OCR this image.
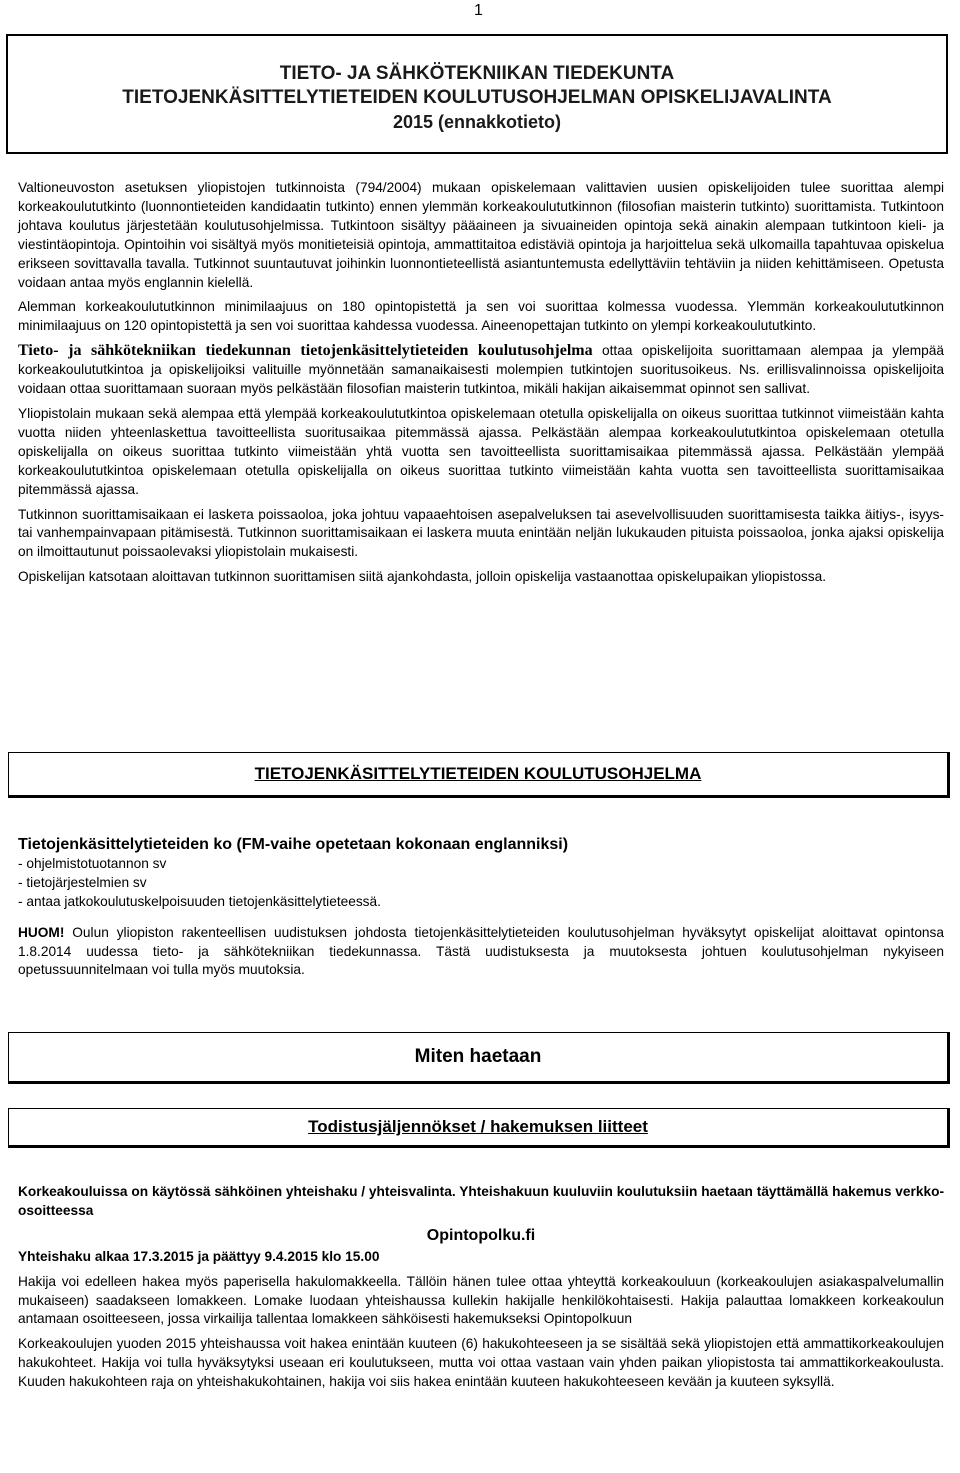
1
TIETO- JA SÄHKÖTEKNIIKAN TIEDEKUNTA
TIETOJENKÄSITTELYTIETEIDEN KOULUTUSOHJELMAN OPISKELIJAVALINTA
2015 (ennakkotieto)

Valtioneuvoston asetuksen yliopistojen tutkinnoista (794/2004) mukaan opiskelemaan valittavien uusien opiskelijoiden tulee suorittaa alempi korkeakoulututkinto (luonnontieteiden kandidaatin tutkinto) ennen ylemmän korkeakoulututkinnon (filosofian maisterin tutkinto) suorittamista. Tutkintoon johtava koulutus järjestetään koulutusohjelmissa. Tutkintoon sisältyy pääaineen ja sivuaineiden opintoja sekä ainakin alempaan tutkintoon kieli- ja viestintäopintoja. Opintoihin voi sisältyä myös monitieteisiä opintoja, ammattitaitoa edistäviä opintoja ja harjoittelua sekä ulkomailla tapahtuvaa opiskelua erikseen sovittavalla tavalla. Tutkinnot suuntautuvat joihinkin luonnontieteellistä asiantuntemusta edellyttäviin tehtäviin ja niiden kehittämiseen. Opetusta voidaan antaa myös englannin kielellä.

Alemman korkeakoulututkinnon minimilaajuus on 180 opintopistettä ja sen voi suorittaa kolmessa vuodessa. Ylemmän korkeakoulututkinnon minimilaajuus on 120 opintopistettä ja sen voi suorittaa kahdessa vuodessa. Aineenopettajan tutkinto on ylempi korkeakoulututkinto.

Tieto- ja sähkötekniikan tiedekunnan tietojenkäsittelytieteiden koulutusohjelma ottaa opiskelijoita suorittamaan alempaa ja ylempää korkeakoulututkintoa ja opiskelijoiksi valituille myönnetään samanaikaisesti molempien tutkintojen suoritusoikeus. Ns. erillisvalinnoissa opiskelijoita voidaan ottaa suorittamaan suoraan myös pelkästään filosofian maisterin tutkintoa, mikäli hakijan aikaisemmat opinnot sen sallivat.

Yliopistolain mukaan sekä alempaa että ylempää korkeakoulututkintoa opiskelemaan otetulla opiskelijalla on oikeus suorittaa tutkinnot viimeistään kahta vuotta niiden yhteenlaskettua tavoitteellista suoritusaikaa pitemmässä ajassa. Pelkästään alempaa korkeakoulututkintoa opiskelemaan otetulla opiskelijalla on oikeus suorittaa tutkinto viimeistään yhtä vuotta sen tavoitteellista suorittamisaikaa pitemmässä ajassa. Pelkästään ylempää korkeakoulututkintoa opiskelemaan otetulla opiskelijalla on oikeus suorittaa tutkinto viimeistään kahta vuotta sen tavoitteellista suorittamisaikaa pitemmässä ajassa.

Tutkinnon suorittamisaikaan ei laskета poissaoloa, joka johtuu vapaaehtoisen asepalveluksen tai asevelvollisuuden suorittamisesta taikka äitiys-, isyys- tai vanhempainvapaan pitämisestä. Tutkinnon suorittamisaikaan ei laskета muuta enintään neljän lukukauden pituista poissaoloa, jonka ajaksi opiskelija on ilmoittautunut poissaolevaksi yliopistolain mukaisesti.

Opiskelijan katsotaan aloittavan tutkinnon suorittamisen siitä ajankohdasta, jolloin opiskelija vastaanottaa opiskelupaikan yliopistossa.

TIETOJENKÄSITTELYTIETEIDEN KOULUTUSOHJELMA
Tietojenkäsittelytieteiden ko (FM-vaihe opetetaan kokonaan englanniksi)
- ohjelmistotuotannon sv
- tietojärjestelmien sv
- antaa jatkokoulutuskelpoisuuden tietojenkäsittelytieteessä.

HUOM! Oulun yliopiston rakenteellisen uudistuksen johdosta tietojenkäsittelytieteiden koulutusohjelman hyväksytyt opiskelijat aloittavat opintonsa 1.8.2014 uudessa tieto- ja sähkötekniikan tiedekunnassa. Tästä uudistuksesta ja muutoksesta johtuen koulutusohjelman nykyiseen opetussuunnitelmaan voi tulla myös muutoksia.

Miten haetaan
Todistusjäljennökset / hakemuksen liitteet

Korkeakouluissa on käytössä sähköinen yhteishaku / yhteisvalinta. Yhteishakuun kuuluviin koulutuksiin haetaan täyttämällä hakemus verkko-osoitteessa

Opintopolku.fi

Yhteishaku alkaa 17.3.2015 ja päättyy 9.4.2015 klo 15.00

Hakija voi edelleen hakea myös paperisella hakulomakkeella. Tällöin hänen tulee ottaa yhteyttä korkeakouluun (korkeakoulujen asiakaspalvelumallin mukaiseen) saadakseen lomakkeen. Lomake luodaan yhteishaussa kullekin hakijalle henkilökohtaisesti. Hakija palauttaa lomakkeen korkeakoulun antamaan osoitteeseen, jossa virkailija tallentaa lomakkeen sähköisesti hakemukseksi Opintopolkuun

Korkeakoulujen yuoden 2015 yhteishaussa voit hakea enintään kuuteen (6) hakukohteeseen ja se sisältää sekä yliopistojen että ammattikorkeakoulujen hakukohteet. Hakija voi tulla hyväksytyksi useaan eri koulutukseen, mutta voi ottaa vastaan vain yhden paikan yliopistosta tai ammattikorkeakoulusta. Kuuden hakukohteen raja on yhteishakukohtainen, hakija voi siis hakea enintään kuuteen hakukohteeseen kevään ja kuuteen syksyllä.
